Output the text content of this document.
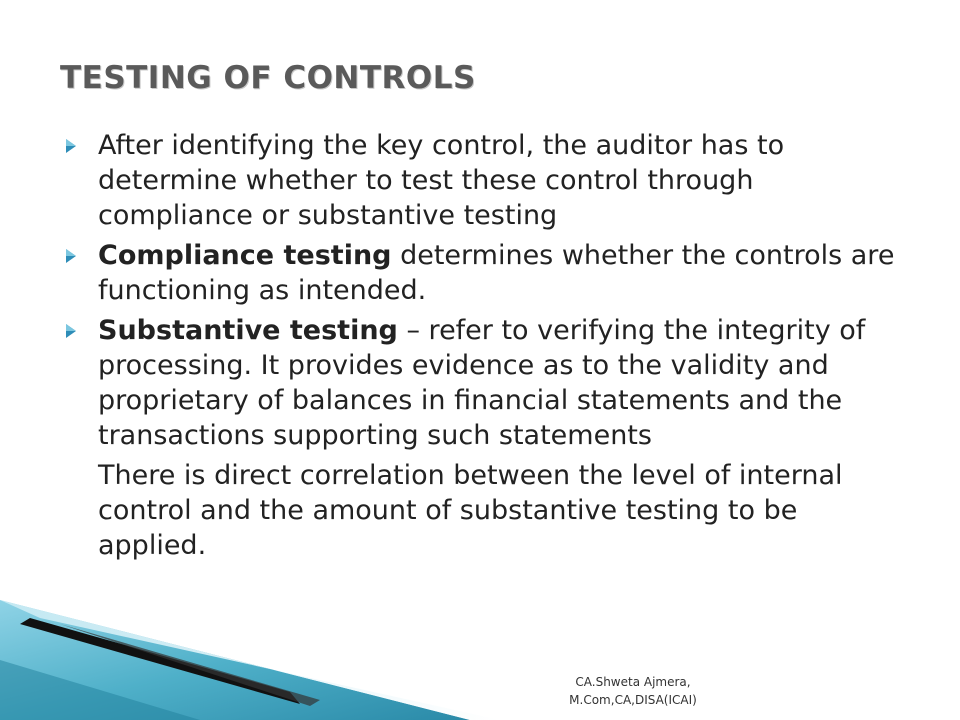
TESTING OF CONTROLS
After identifying the key control, the auditor has to determine whether to test these control through compliance or substantive testing
Compliance testing determines whether the controls are functioning as intended.
Substantive testing – refer to verifying the integrity of processing. It provides evidence as to the validity and proprietary of balances in financial statements and the transactions supporting such statements
There is direct correlation between the level of internal control and the amount of substantive testing to be applied.
CA.Shweta Ajmera,
M.Com,CA,DISA(ICAI)
